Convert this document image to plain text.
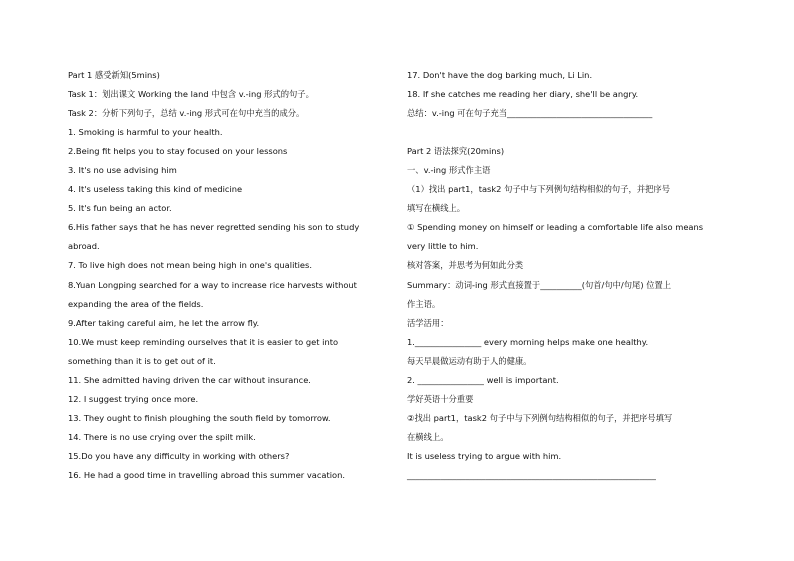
Part 1 感受新知(5mins)
Task 1：划出课文 Working the land 中包含 v.-ing 形式的句子。
Task 2：分析下列句子，总结 v.-ing 形式可在句中充当的成分。
1. Smoking is harmful to your health.
2.Being fit helps you to stay focused on your lessons
3. It's no use advising him
4. It's useless taking this kind of medicine
5. It's fun being an actor.
6.His father says that he has never regretted sending his son to study
abroad.
7. To live high does not mean being high in one's qualities.
8.Yuan Longping searched for a way to increase rice harvests without
expanding the area of the fields.
9.After taking careful aim, he let the arrow fly.
10.We must keep reminding ourselves that it is easier to get into
something than it is to get out of it.
11. She admitted having driven the car without insurance.
12. I suggest trying once more.
13. They ought to finish ploughing the south field by tomorrow.
14. There is no use crying over the spilt milk.
15.Do you have any difficulty in working with others?
16. He had a good time in travelling abroad this summer vacation.
17. Don't have the dog barking much, Li Lin.
18. If she catches me reading her diary, she'll be angry.
总结：v.-ing 可在句子充当___________________________________
Part 2 语法探究(20mins)
一、v.-ing 形式作主语
（1）找出 part1，task2 句子中与下列例句结构相似的句子，并把序号
填写在横线上。
① Spending money on himself or leading a comfortable life also means
very little to him.
核对答案，并思考为何如此分类
Summary：动词-ing 形式直接置于__________(句首/句中/句尾) 位置上
作主语。
活学活用：
1.________________ every morning helps make one healthy.
每天早晨做运动有助于人的健康。
2. ________________ well is important.
学好英语十分重要
②找出 part1，task2 句子中与下列例句结构相似的句子，并把序号填写
在横线上。
It is useless trying to argue with him.
____________________________________________________________
